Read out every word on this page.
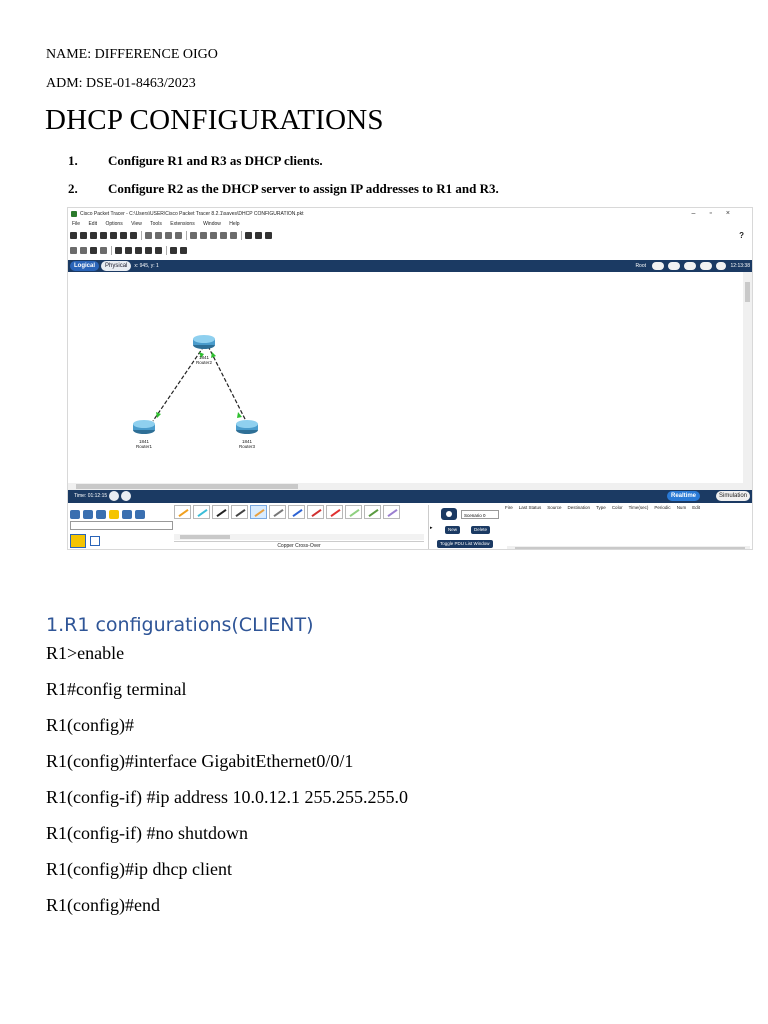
NAME: DIFFERENCE OIGO
ADM: DSE-01-8463/2023
DHCP CONFIGURATIONS
1. Configure R1 and R3 as DHCP clients.
2. Configure R2 as the DHCP server to assign IP addresses to R1 and R3.
Cisco Packet Tracer - C:\Users\USER\Cisco Packet Tracer 8.2.1\saves\DHCP CONFIGURATION.pkt	–▫×
File Edit Options View Tools Extensions Window Help
?
Logical Physical x: 945, y: 1	Root	12:13:38
1841
Router2
1841
Router1
1841
Router3
Time: 01:12:15	Realtime	Simulation
Copper Cross-Over
Scenario 0
▸	New	Delete
Toggle PDU List Window
Fire Last Status Source Destination Type Color Time(sec) Periodic Num Edit
1.R1 configurations(CLIENT)
R1>enable
R1#config terminal
R1(config)#
R1(config)#interface GigabitEthernet0/0/1
R1(config-if) #ip address 10.0.12.1 255.255.255.0
R1(config-if) #no shutdown
R1(config)#ip dhcp client
R1(config)#end
